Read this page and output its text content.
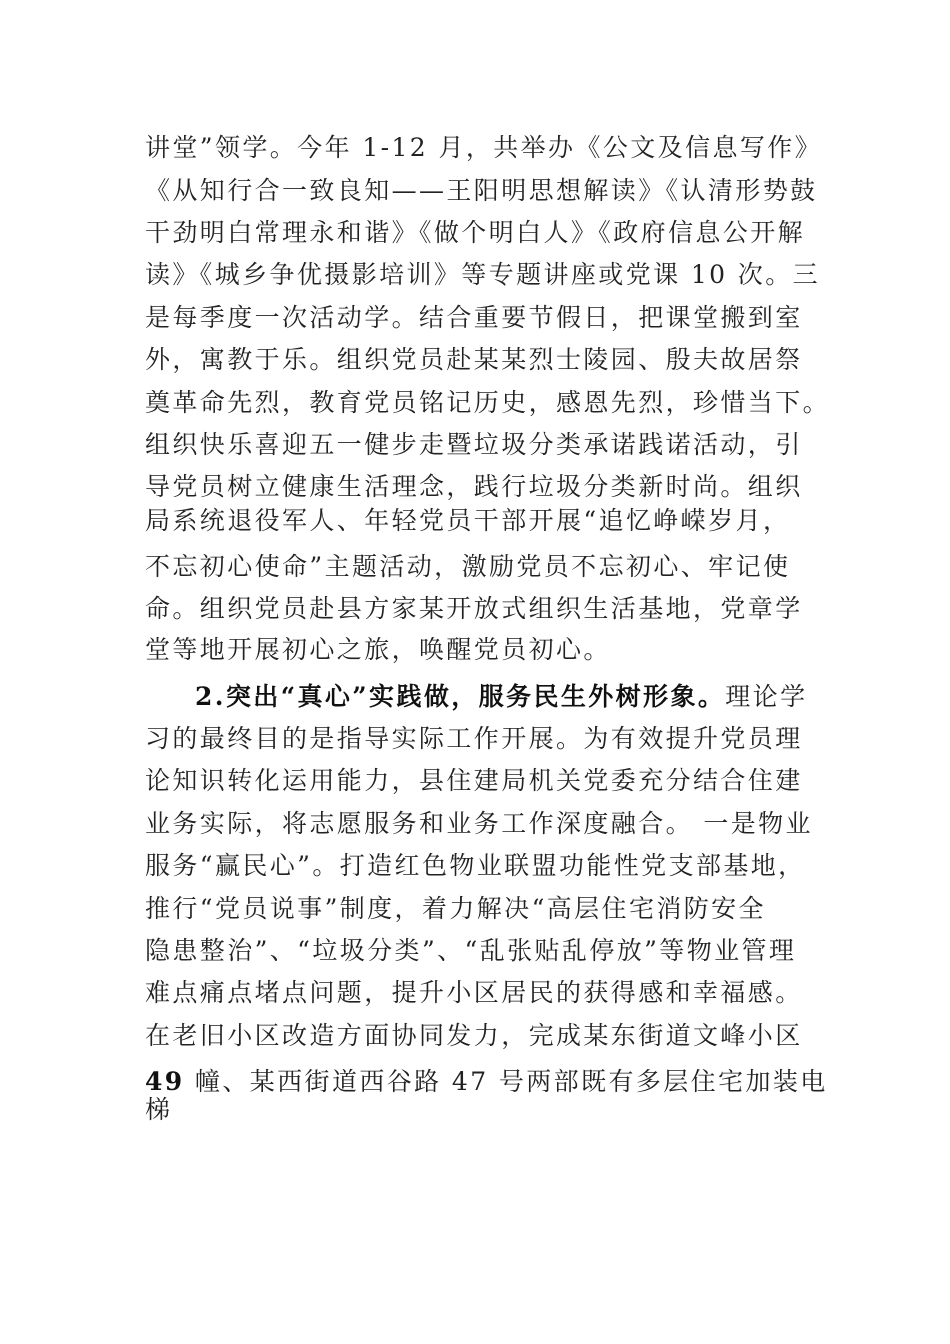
讲堂”领学。今年 1-12 月，共举办《公文及信息写作》
《从知行合一致良知——王阳明思想解读》《认清形势鼓
干劲明白常理永和谐》《做个明白人》《政府信息公开解
读》《城乡争优摄影培训》等专题讲座或党课 10 次。三
是每季度一次活动学。结合重要节假日，把课堂搬到室
外，寓教于乐。组织党员赴某某烈士陵园、殷夫故居祭
奠革命先烈，教育党员铭记历史，感恩先烈，珍惜当下。
组织快乐喜迎五一健步走暨垃圾分类承诺践诺活动，引
导党员树立健康生活理念，践行垃圾分类新时尚。组织
局系统退役军人、年轻党员干部开展“追忆峥嵘岁月，
不忘初心使命”主题活动，激励党员不忘初心、牢记使
命。组织党员赴县方家某开放式组织生活基地，党章学
堂等地开展初心之旅，唤醒党员初心。
2.突出“真心”实践做，服务民生外树形象。理论学
习的最终目的是指导实际工作开展。为有效提升党员理
论知识转化运用能力，县住建局机关党委充分结合住建
业务实际，将志愿服务和业务工作深度融合。 一是物业
服务“赢民心”。打造红色物业联盟功能性党支部基地，
推行“党员说事”制度，着力解决“高层住宅消防安全
隐患整治”、“垃圾分类”、“乱张贴乱停放”等物业管理
难点痛点堵点问题，提升小区居民的获得感和幸福感。
在老旧小区改造方面协同发力，完成某东街道文峰小区
49 幢、某西街道西谷路 47 号两部既有多层住宅加装电
梯
